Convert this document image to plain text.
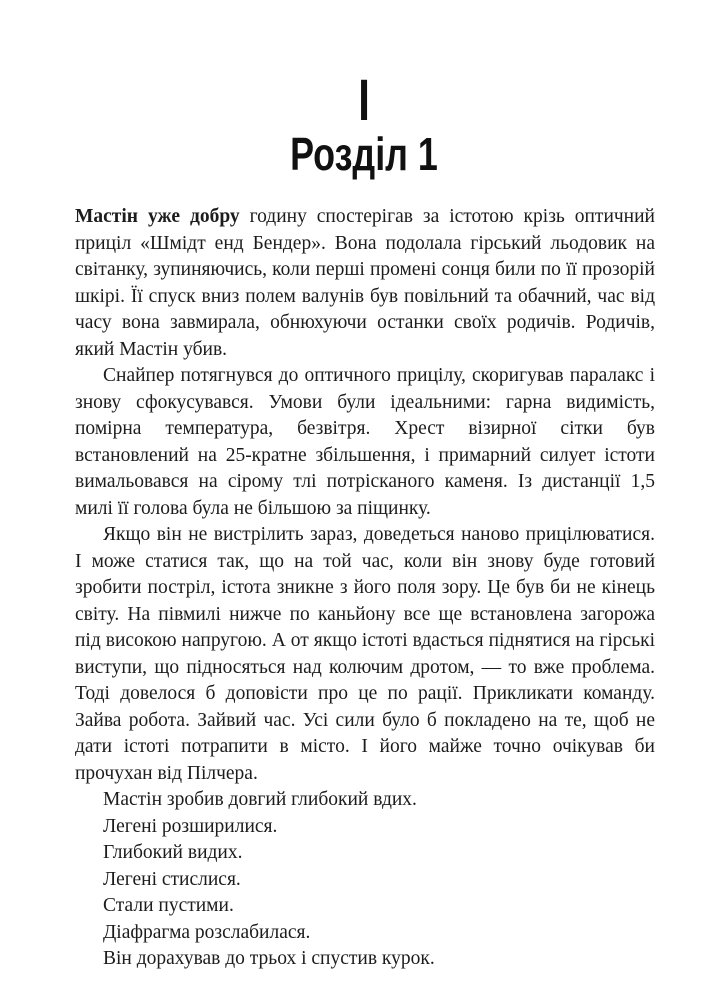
I
Розділ 1

Мастін уже добру годину спостерігав за істотою крізь оптичний приціл «Шмідт енд Бендер». Вона подолала гірський льодовик на світанку, зупиняючись, коли перші промені сонця били по її прозорій шкірі. Її спуск вниз полем валунів був повільний та обачний, час від часу вона завмирала, обнюхуючи останки своїх родичів. Родичів, який Мастін убив.

Снайпер потягнувся до оптичного прицілу, скоригував паралакс і знову сфокусувався. Умови були ідеальними: гарна видимість, помірна температура, безвітря. Хрест візирної сітки був встановлений на 25-кратне збільшення, і примарний силует істоти вимальовався на сірому тлі потрісканого каменя. Із дистанції 1,5 милі її голова була не більшою за піщинку.

Якщо він не вистрілить зараз, доведеться наново прицілюватися. І може статися так, що на той час, коли він знову буде готовий зробити постріл, істота зникне з його поля зору. Це був би не кінець світу. На півмилі нижче по каньйону все ще встановлена загорожа під високою напругою. А от якщо істоті вдасться піднятися на гірські виступи, що підносяться над колючим дротом, — то вже проблема. Тоді довелося б доповісти про це по рації. Прикликати команду. Зайва робота. Зайвий час. Усі сили було б покладено на те, щоб не дати істоті потрапити в місто. І його майже точно очікував би прочухан від Пілчера.

Мастін зробив довгий глибокий вдих.

Легені розширилися.

Глибокий видих.

Легені стислися.

Стали пустими.

Діафрагма розслабилася.

Він дорахував до трьох і спустив курок.
